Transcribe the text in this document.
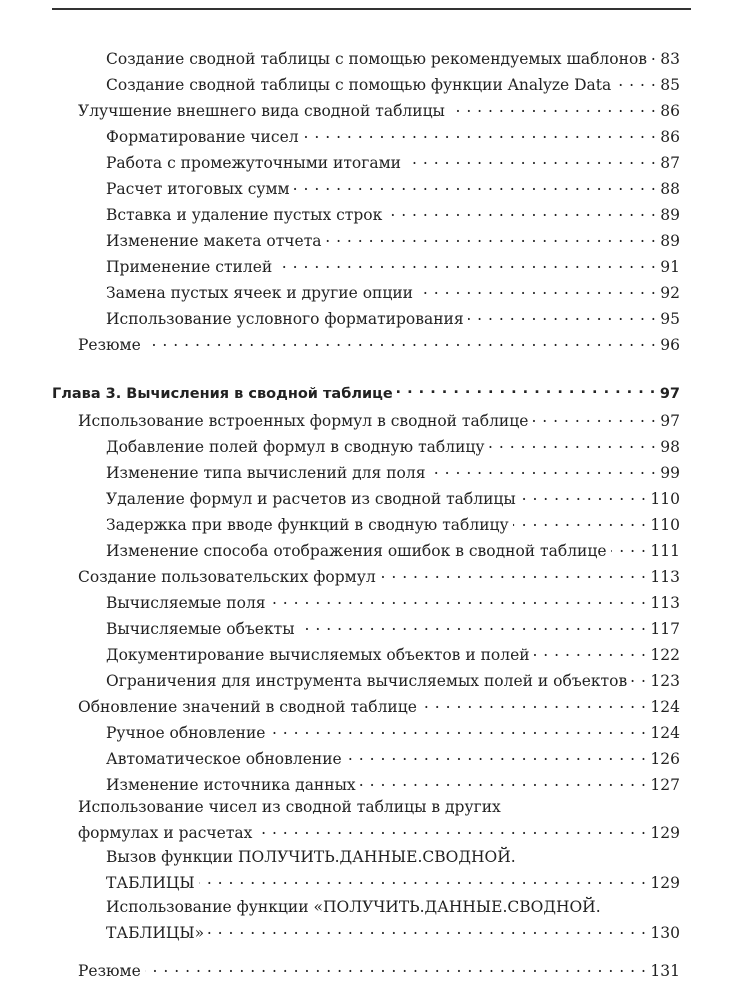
Создание сводной таблицы с помощью рекомендуемых шаблонов . . . 83
Создание сводной таблицы с помощью функции Analyze Data . . .	85
Улучшение внешнего вида сводной таблицы . . .	86
Форматирование чисел . . .	86
Работа с промежуточными итогами . . .	87
Расчет итоговых сумм . . .	88
Вставка и удаление пустых строк . . .	89
Изменение макета отчета . . .	89
Применение стилей . . .	91
Замена пустых ячеек и другие опции . . .	92
Использование условного форматирования . . .	95
Резюме . . .	96
Глава 3. Вычисления в сводной таблице . . .	97
Использование встроенных формул в сводной таблице . . .	97
Добавление полей формул в сводную таблицу . . .	98
Изменение типа вычислений для поля . . .	99
Удаление формул и расчетов из сводной таблицы . . .	110
Задержка при вводе функций в сводную таблицу . . .	110
Изменение способа отображения ошибок в сводной таблице . . .	111
Создание пользовательских формул . . .	113
Вычисляемые поля . . .	113
Вычисляемые объекты . . .	117
Документирование вычисляемых объектов и полей . . .	122
Ограничения для инструмента вычисляемых полей и объектов . . . 123
Обновление значений в сводной таблице . . .	124
Ручное обновление . . .	124
Автоматическое обновление . . .	126
Изменение источника данных . . .	127
Использование чисел из сводной таблицы в других
формулах и расчетах . . .	129
Вызов функции ПОЛУЧИТЬ.ДАННЫЕ.СВОДНОЙ.
ТАБЛИЦЫ . . .	129
Использование функции «ПОЛУЧИТЬ.ДАННЫЕ.СВОДНОЙ.
ТАБЛИЦЫ» . . .	130
Резюме . . .	131
